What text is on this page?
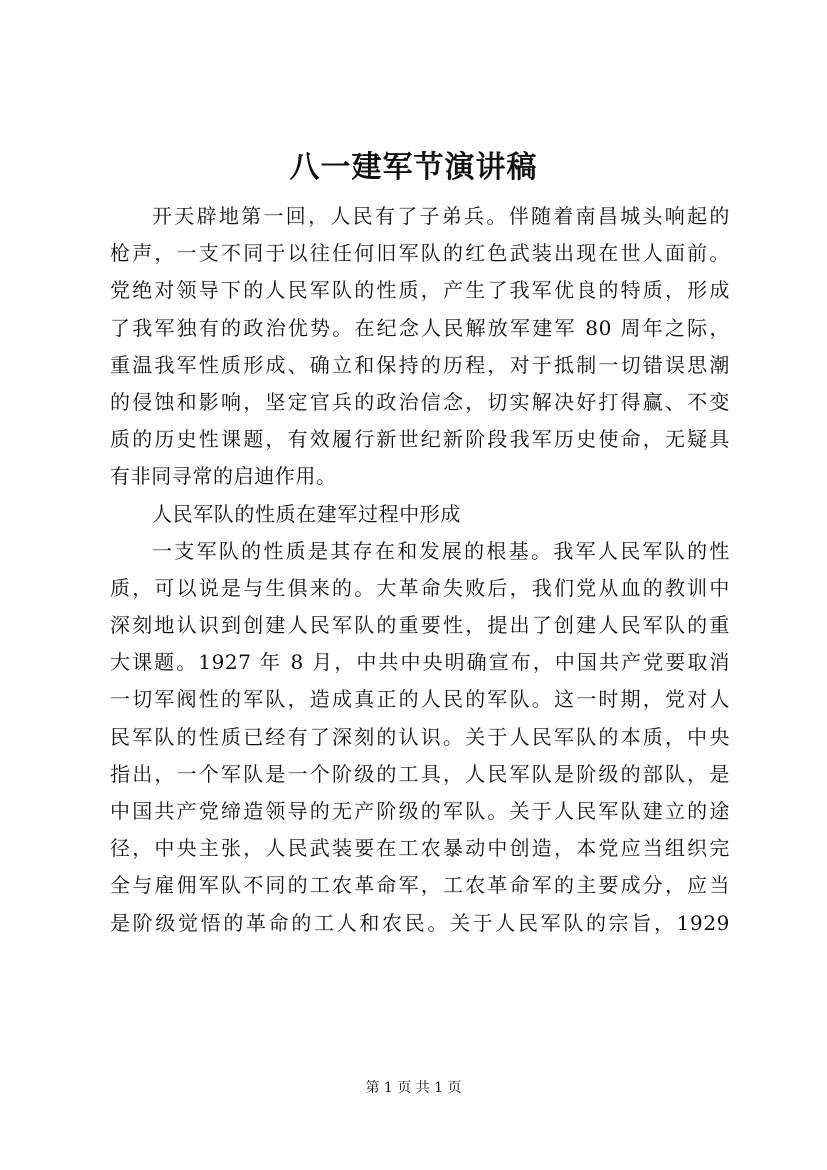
八一建军节演讲稿
开天辟地第一回，人民有了子弟兵。伴随着南昌城头响起的
枪声，一支不同于以往任何旧军队的红色武装出现在世人面前。
党绝对领导下的人民军队的性质，产生了我军优良的特质，形成
了我军独有的政治优势。在纪念人民解放军建军 80 周年之际，
重温我军性质形成、确立和保持的历程，对于抵制一切错误思潮
的侵蚀和影响，坚定官兵的政治信念，切实解决好打得赢、不变
质的历史性课题，有效履行新世纪新阶段我军历史使命，无疑具
有非同寻常的启迪作用。
人民军队的性质在建军过程中形成
一支军队的性质是其存在和发展的根基。我军人民军队的性
质，可以说是与生俱来的。大革命失败后，我们党从血的教训中
深刻地认识到创建人民军队的重要性，提出了创建人民军队的重
大课题。1927 年 8 月，中共中央明确宣布，中国共产党要取消
一切军阀性的军队，造成真正的人民的军队。这一时期，党对人
民军队的性质已经有了深刻的认识。关于人民军队的本质，中央
指出，一个军队是一个阶级的工具，人民军队是阶级的部队，是
中国共产党缔造领导的无产阶级的军队。关于人民军队建立的途
径，中央主张，人民武装要在工农暴动中创造，本党应当组织完
全与雇佣军队不同的工农革命军，工农革命军的主要成分，应当
是阶级觉悟的革命的工人和农民。关于人民军队的宗旨，1929
第 1 页 共 1 页
